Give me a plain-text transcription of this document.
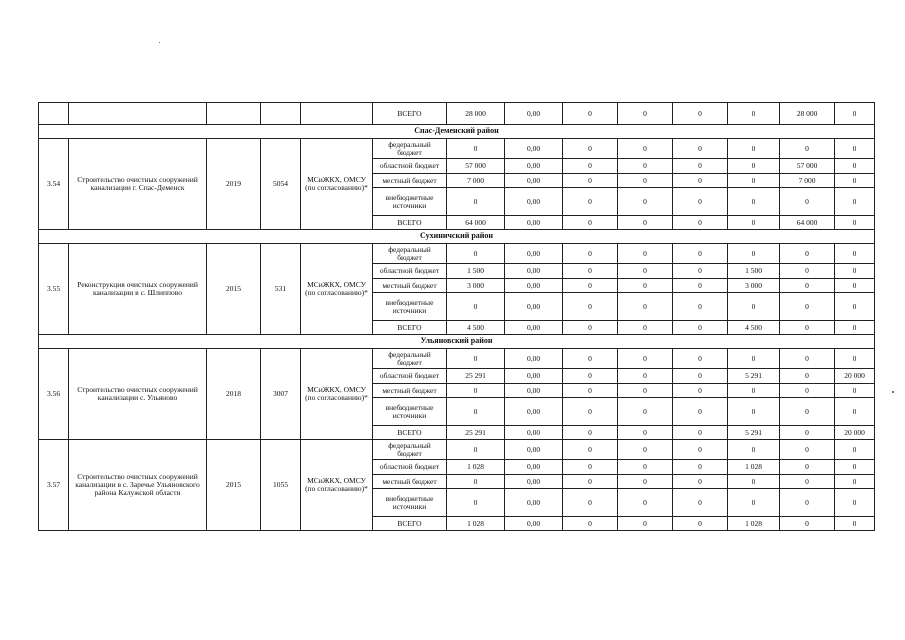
					ВСЕГО	28 000	0,00	0	0	0	0	28 000	0
Спас-Деменский район													
3.54	Строительство очистных сооружений канализации г. Спас-Деменск	2019	5054	МСиЖКХ, ОМСУ (по согласованию)*	федеральный бюджет	0	0,00	0	0	0	0	0	0
					областной бюджет	57 000	0,00	0	0	0	0	57 000	0
					местный бюджет	7 000	0,00	0	0	0	0	7 000	0
					внебюджетные источники	0	0,00	0	0	0	0	0	0
					ВСЕГО	64 000	0,00	0	0	0	0	64 000	0
Сухиничский район													
3.55	Реконструкция очистных сооружений канализации в с. Шлиппово	2015	531	МСиЖКХ, ОМСУ (по согласованию)*	федеральный бюджет	0	0,00	0	0	0	0	0	0
					областной бюджет	1 500	0,00	0	0	0	1 500	0	0
					местный бюджет	3 000	0,00	0	0	0	3 000	0	0
					внебюджетные источники	0	0,00	0	0	0	0	0	0
					ВСЕГО	4 500	0,00	0	0	0	4 500	0	0
Ульяновский район													
3.56	Строительство очистных сооружений канализации с. Ульяново	2018	3007	МСиЖКХ, ОМСУ (по согласованию)*	федеральный бюджет	0	0,00	0	0	0	0	0	0
					областной бюджет	25 291	0,00	0	0	0	5 291	0	20 000
					местный бюджет	0	0,00	0	0	0	0	0	0
					внебюджетные источники	0	0,00	0	0	0	0	0	0
					ВСЕГО	25 291	0,00	0	0	0	5 291	0	20 000
3.57	Строительство очистных сооружений канализации в с. Заречье Ульяновского района Калужской области	2015	1055	МСиЖКХ, ОМСУ (по согласованию)*	федеральный бюджет	0	0,00	0	0	0	0	0	0
					областной бюджет	1 028	0,00	0	0	0	1 028	0	0
					местный бюджет	0	0,00	0	0	0	0	0	0
					внебюджетные источники	0	0,00	0	0	0	0	0	0
					ВСЕГО	1 028	0,00	0	0	0	1 028	0	0
